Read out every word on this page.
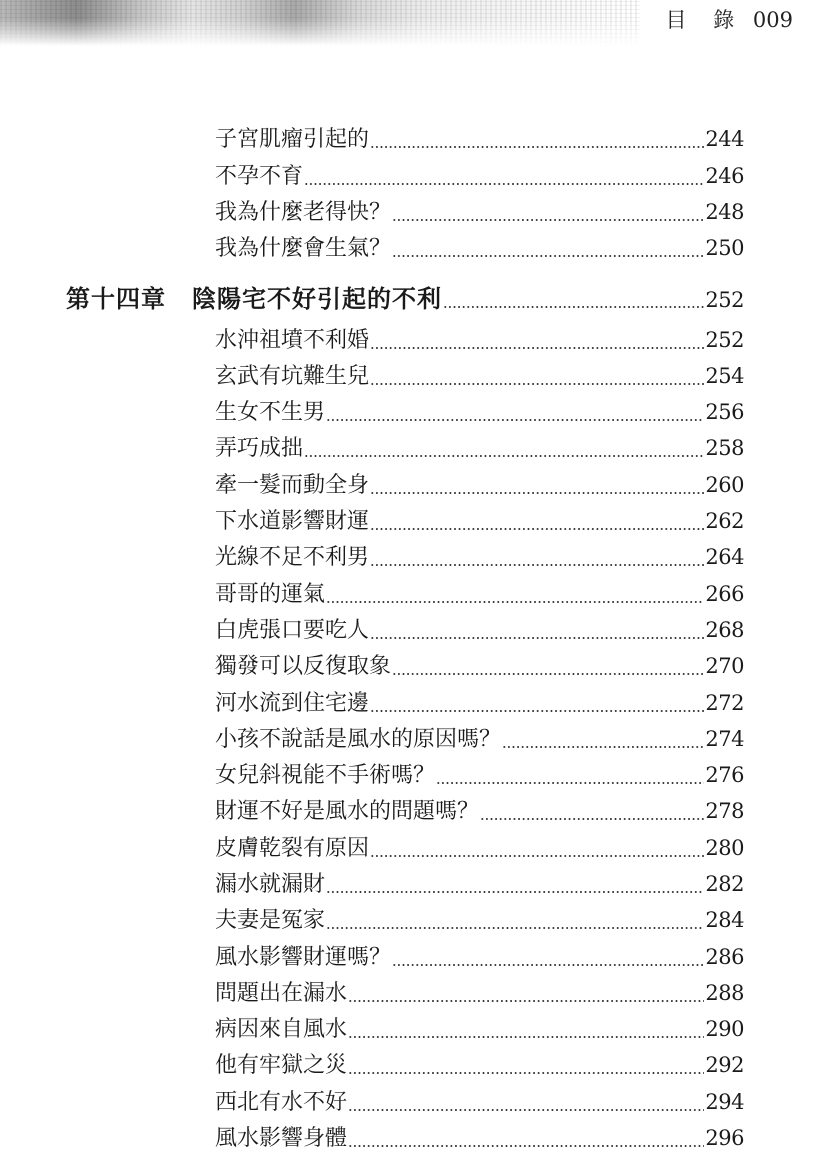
目 錄 009
子宮肌瘤引起的	244
不孕不育	246
我為什麼老得快？	248
我為什麼會生氣？	250
第十四章 陰陽宅不好引起的不利	252
水沖祖墳不利婚	252
玄武有坑難生兒	254
生女不生男	256
弄巧成拙	258
牽一髮而動全身	260
下水道影響財運	262
光線不足不利男	264
哥哥的運氣	266
白虎張口要吃人	268
獨發可以反復取象	270
河水流到住宅邊	272
小孩不說話是風水的原因嗎？	274
女兒斜視能不手術嗎？	276
財運不好是風水的問題嗎？	278
皮膚乾裂有原因	280
漏水就漏財	282
夫妻是冤家	284
風水影響財運嗎？	286
問題出在漏水	288
病因來自風水	290
他有牢獄之災	292
西北有水不好	294
風水影響身體	296
